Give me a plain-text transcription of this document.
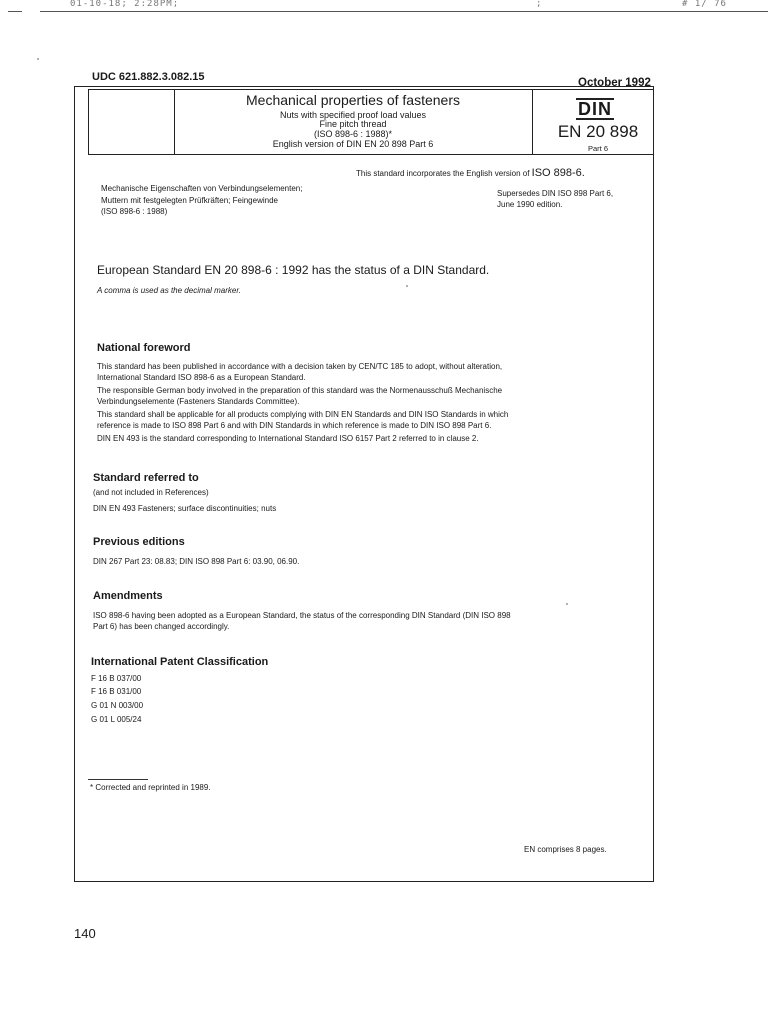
01-10-18; 2:28PM;	;	# 1/ 76
UDC 621.882.3.082.15	October 1992
Mechanical properties of fasteners
Nuts with specified proof load values
Fine pitch thread
(ISO 898-6 : 1988)*
English version of DIN EN 20 898 Part 6
DIN
EN 20 898
Part 6
This standard incorporates the English version of ISO 898-6.
Mechanische Eigenschaften von Verbindungselementen;
Muttern mit festgelegten Prüfkräften; Feingewinde
(ISO 898-6 : 1988)
Supersedes DIN ISO 898 Part 6,
June 1990 edition.
European Standard EN 20 898-6 : 1992 has the status of a DIN Standard.
A comma is used as the decimal marker.
National foreword
This standard has been published in accordance with a decision taken by CEN/TC 185 to adopt, without alteration,
International Standard ISO 898-6 as a European Standard.
The responsible German body involved in the preparation of this standard was the Normenausschuß Mechanische
Verbindungselemente (Fasteners Standards Committee).
This standard shall be applicable for all products complying with DIN EN Standards and DIN ISO Standards in which
reference is made to ISO 898 Part 6 and with DIN Standards in which reference is made to DIN ISO 898 Part 6.
DIN EN 493 is the standard corresponding to International Standard ISO 6157 Part 2 referred to in clause 2.
Standard referred to
(and not included in References)
DIN EN 493 Fasteners; surface discontinuities; nuts
Previous editions
DIN 267 Part 23: 08.83; DIN ISO 898 Part 6: 03.90, 06.90.
Amendments
ISO 898-6 having been adopted as a European Standard, the status of the corresponding DIN Standard (DIN ISO 898
Part 6) has been changed accordingly.
International Patent Classification
F 16 B 037/00
F 16 B 031/00
G 01 N 003/00
G 01 L 005/24
* Corrected and reprinted in 1989.
EN comprises 8 pages.
140
